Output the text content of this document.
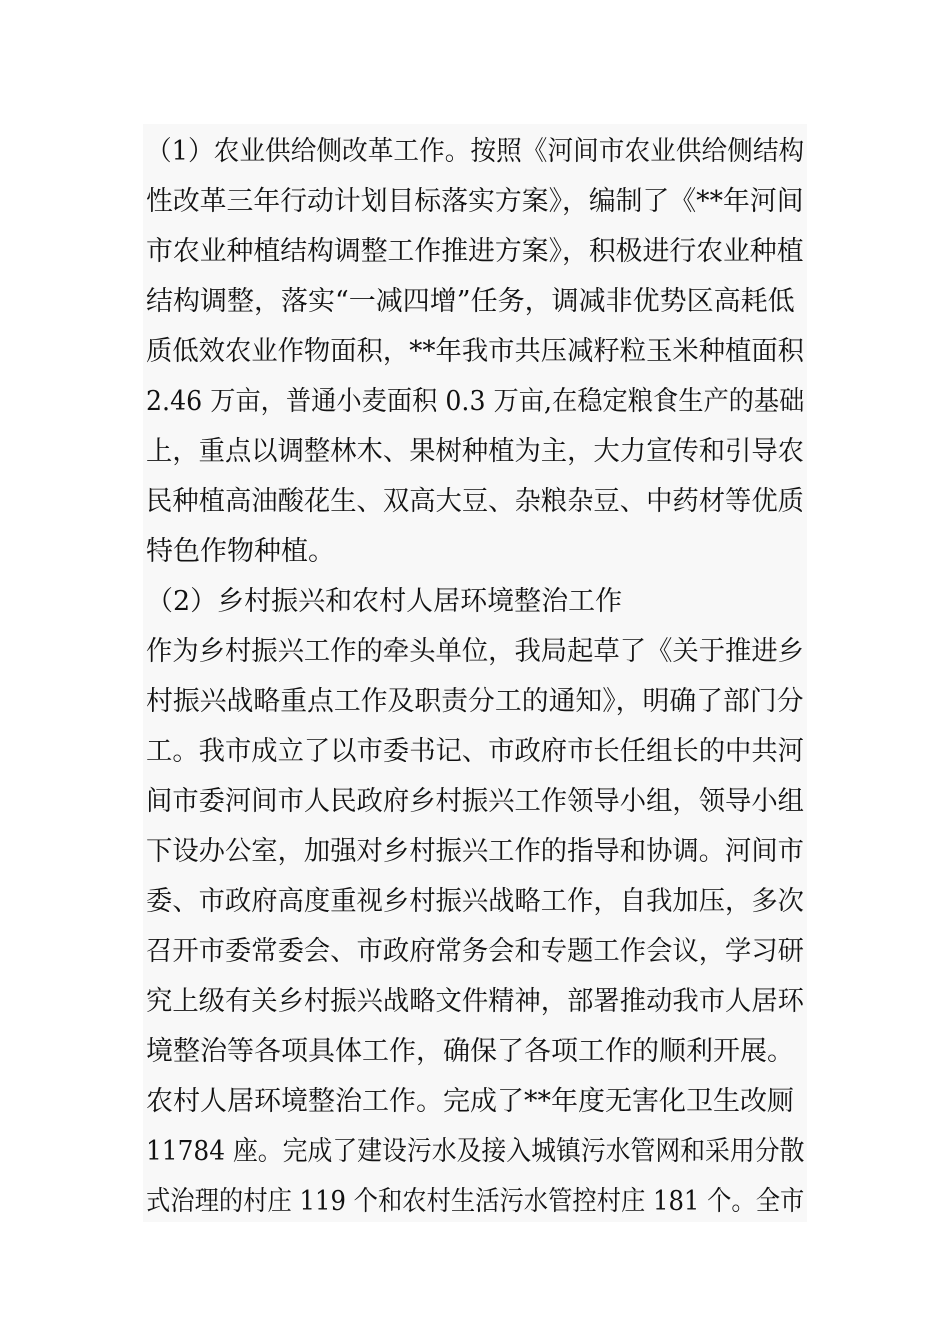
（1）农业供给侧改革工作。按照《河间市农业供给侧结构
性改革三年行动计划目标落实方案》，编制了《**年河间
市农业种植结构调整工作推进方案》，积极进行农业种植
结构调整，落实“一减四增”任务，调减非优势区高耗低
质低效农业作物面积，**年我市共压减籽粒玉米种植面积
2.46 万亩，普通小麦面积 0.3 万亩,在稳定粮食生产的基础
上，重点以调整林木、果树种植为主，大力宣传和引导农
民种植高油酸花生、双高大豆、杂粮杂豆、中药材等优质
特色作物种植。
（2）乡村振兴和农村人居环境整治工作
作为乡村振兴工作的牵头单位，我局起草了《关于推进乡
村振兴战略重点工作及职责分工的通知》，明确了部门分
工。我市成立了以市委书记、市政府市长任组长的中共河
间市委河间市人民政府乡村振兴工作领导小组，领导小组
下设办公室，加强对乡村振兴工作的指导和协调。河间市
委、市政府高度重视乡村振兴战略工作，自我加压，多次
召开市委常委会、市政府常务会和专题工作会议，学习研
究上级有关乡村振兴战略文件精神，部署推动我市人居环
境整治等各项具体工作，确保了各项工作的顺利开展。
农村人居环境整治工作。完成了**年度无害化卫生改厕
11784 座。完成了建设污水及接入城镇污水管网和采用分散
式治理的村庄 119 个和农村生活污水管控村庄 181 个。全市
